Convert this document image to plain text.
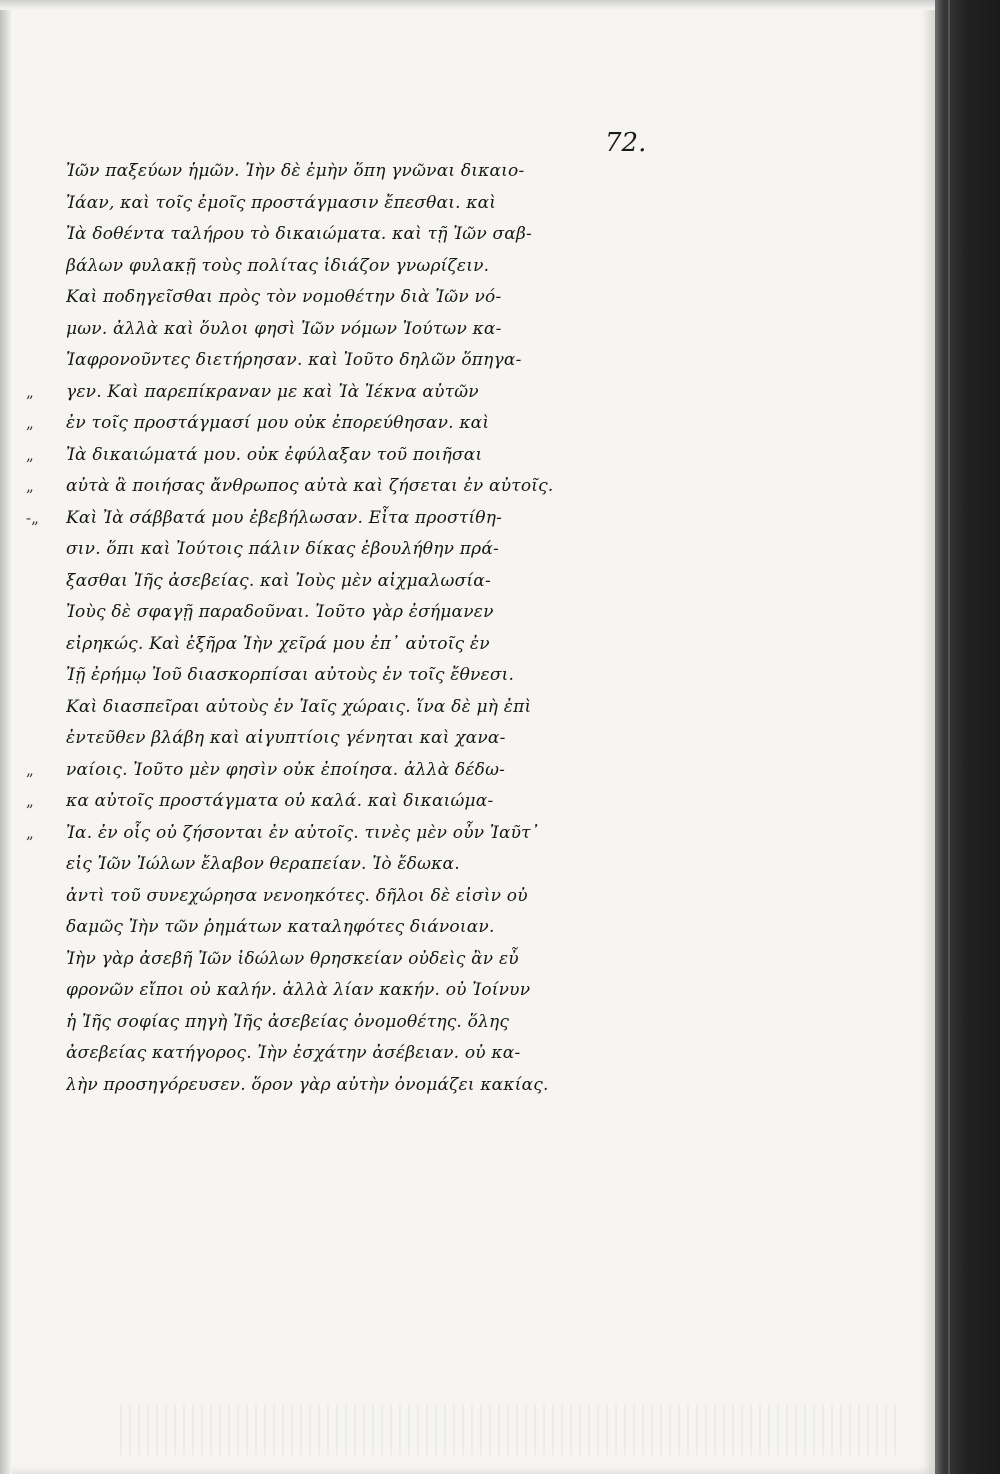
72.
„
„
„
„
-„
„
„
„
Ἰῶν παξεύων ἡμῶν. Ἰὴν δὲ ἐμὴν ὅπη γνῶναι δικαιο-
Ἰάαν, καὶ τοῖς ἐμοῖς προστάγμασιν ἔπεσθαι. καὶ
Ἰὰ δοθέντα ταλήρου τὸ δικαιώματα. καὶ τῇ Ἰῶν σαβ-
βάλων φυλακῇ τοὺς πολίτας ἰδιάζον γνωρίζειν.
Καὶ ποδηγεῖσθαι πρὸς τὸν νομοθέτην διὰ Ἰῶν νό-
μων. ἀλλὰ καὶ ὅυλοι φησὶ Ἰῶν νόμων Ἰούτων κα-
Ἰαφρονοῦντες διετήρησαν. καὶ Ἰοῦτο δηλῶν ὅπηγα-
γεν. Καὶ παρεπίκραναν με καὶ Ἰὰ Ἰέκνα αὐτῶν
ἐν τοῖς προστάγμασί μου οὐκ ἐπορεύθησαν. καὶ
Ἰὰ δικαιώματά μου. οὐκ ἐφύλαξαν τοῦ ποιῆσαι
αὐτὰ ἃ ποιήσας ἄνθρωπος αὐτὰ καὶ ζήσεται ἐν αὐτοῖς.
Καὶ Ἰὰ σάββατά μου ἐβεβήλωσαν. Εἶτα προστίθη-
σιν. ὅπι καὶ Ἰούτοις πάλιν δίκας ἐβουλήθην πρά-
ξασθαι Ἰῆς ἀσεβείας. καὶ Ἰοὺς μὲν αἰχμαλωσία-
Ἰοὺς δὲ σφαγῇ παραδοῦναι. Ἰοῦτο γὰρ ἐσήμανεν
εἰρηκώς. Καὶ ἐξῆρα Ἰὴν χεῖρά μου ἐπ᾽ αὐτοῖς ἐν
Ἰῇ ἐρήμῳ Ἰοῦ διασκορπίσαι αὐτοὺς ἐν τοῖς ἔθνεσι.
Καὶ διασπεῖραι αὐτοὺς ἐν Ἰαῖς χώραις. ἵνα δὲ μὴ ἐπὶ
ἐντεῦθεν βλάβη καὶ αἰγυπτίοις γένηται καὶ χανα-
ναίοις. Ἰοῦτο μὲν φησὶν οὐκ ἐποίησα. ἀλλὰ δέδω-
κα αὐτοῖς προστάγματα οὐ καλά. καὶ δικαιώμα-
Ἰα. ἐν οἷς οὐ ζήσονται ἐν αὐτοῖς. τινὲς μὲν οὖν Ἰαῦτ᾽
εἰς Ἰῶν Ἰώλων ἔλαβον θεραπείαν. Ἰὸ ἔδωκα.
ἀντὶ τοῦ συνεχώρησα νενοηκότες. δῆλοι δὲ εἰσὶν οὐ
δαμῶς Ἰὴν τῶν ῥημάτων καταληφότες διάνοιαν.
Ἰὴν γὰρ ἀσεβῆ Ἰῶν ἰδώλων θρησκείαν οὐδεὶς ἂν εὖ
φρονῶν εἴποι οὐ καλήν. ἀλλὰ λίαν κακήν. οὐ Ἰοίνυν
ἡ Ἰῆς σοφίας πηγὴ Ἰῆς ἀσεβείας ὀνομοθέτης. ὅλης
ἀσεβείας κατήγορος. Ἰὴν ἐσχάτην ἀσέβειαν. οὐ κα-
λὴν προσηγόρευσεν. ὅρον γὰρ αὐτὴν ὀνομάζει κακίας.
